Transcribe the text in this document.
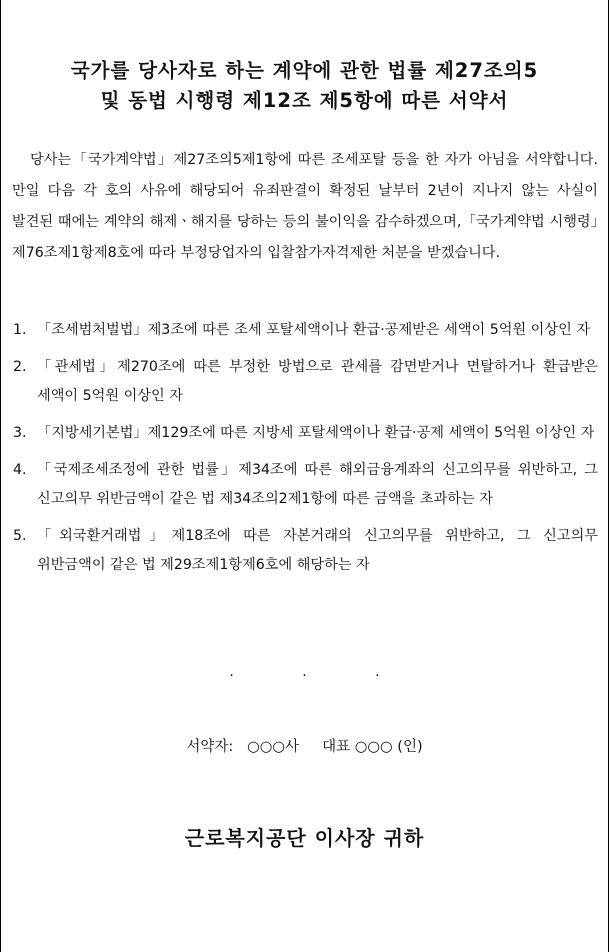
국가를 당사자로 하는 계약에 관한 법률 제27조의5
및 동법 시행령 제12조 제5항에 따른 서약서

당사는「국가계약법」제27조의5제1항에 따른 조세포탈 등을 한 자가 아님을 서약합니다. 만일 다음 각 호의 사유에 해당되어 유죄판결이 확정된 날부터 2년이 지나지 않는 사실이 발견된 때에는 계약의 해제ㆍ해지를 당하는 등의 불이익을 감수하겠으며,「국가계약법 시행령」제76조제1항제8호에 따라 부정당업자의 입찰참가자격제한 처분을 받겠습니다.

1. 「조세범처벌법」제3조에 따른 조세 포탈세액이나 환급·공제받은 세액이 5억원 이상인 자
2. 「관세법」제270조에 따른 부정한 방법으로 관세를 감면받거나 면탈하거나 환급받은 세액이 5억원 이상인 자
3. 「지방세기본법」제129조에 따른 지방세 포탈세액이나 환급·공제 세액이 5억원 이상인 자
4. 「국제조세조정에 관한 법률」제34조에 따른 해외금융계좌의 신고의무를 위반하고, 그 신고의무 위반금액이 같은 법 제34조의2제1항에 따른 금액을 초과하는 자
5. 「외국환거래법」제18조에 따른 자본거래의 신고의무를 위반하고, 그 신고의무 위반금액이 같은 법 제29조제1항제6호에 해당하는 자
· · ·
서약자:   ○○○사     대표 ○○○ (인)
근로복지공단 이사장 귀하
